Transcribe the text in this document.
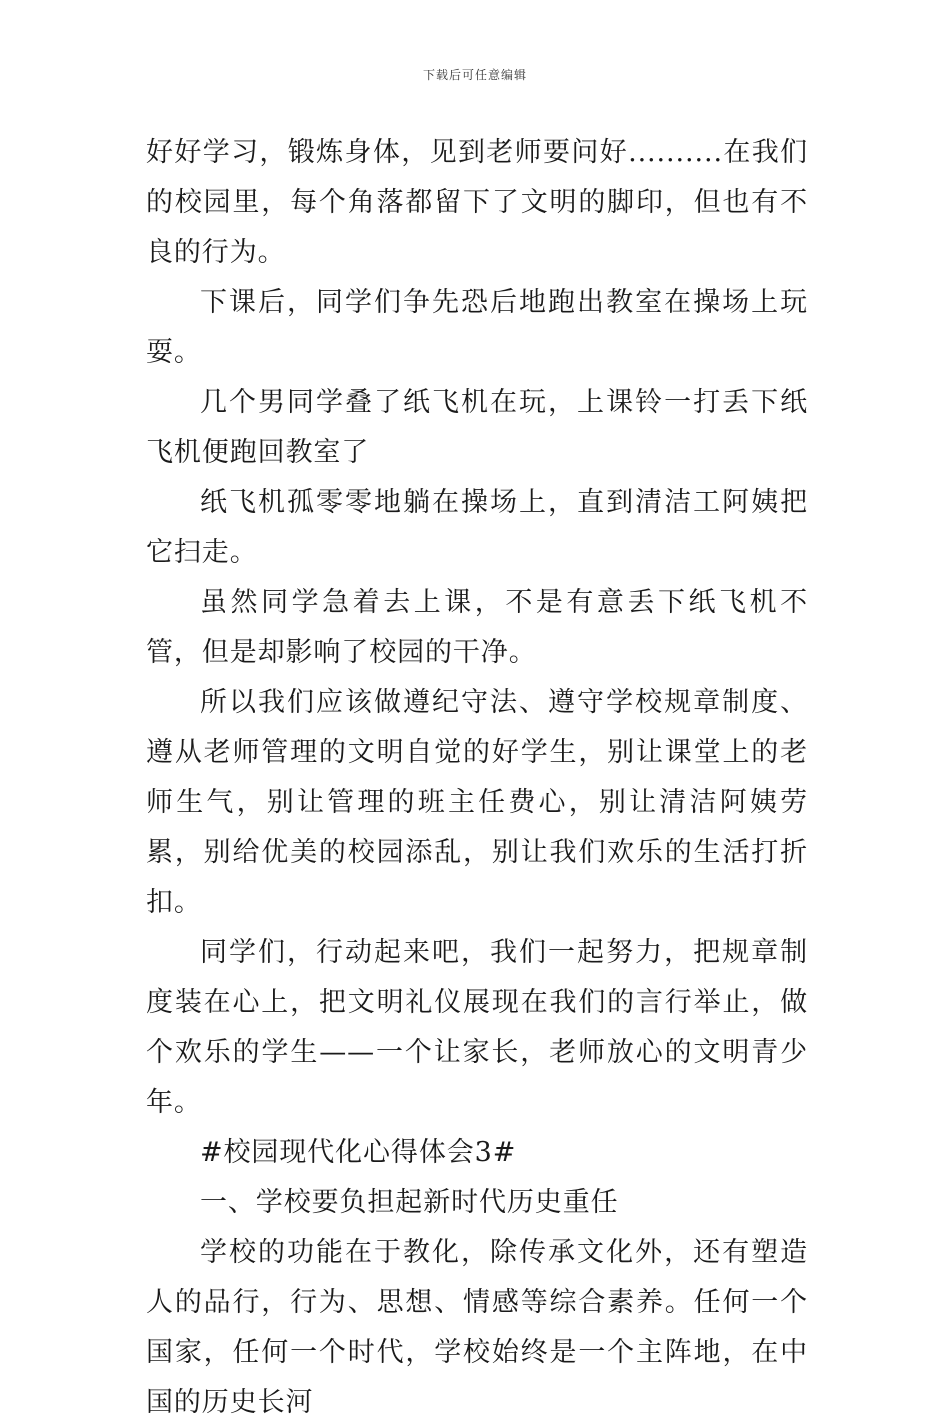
下载后可任意编辑

好好学习，锻炼身体，见到老师要问好..........在我们的校园里，每个角落都留下了文明的脚印，但也有不良的行为。

下课后，同学们争先恐后地跑出教室在操场上玩耍。

几个男同学叠了纸飞机在玩，上课铃一打丢下纸飞机便跑回教室了

纸飞机孤零零地躺在操场上，直到清洁工阿姨把它扫走。

虽然同学急着去上课，不是有意丢下纸飞机不管，但是却影响了校园的干净。

所以我们应该做遵纪守法、遵守学校规章制度、遵从老师管理的文明自觉的好学生，别让课堂上的老师生气，别让管理的班主任费心，别让清洁阿姨劳累，别给优美的校园添乱，别让我们欢乐的生活打折扣。

同学们，行动起来吧，我们一起努力，把规章制度装在心上，把文明礼仪展现在我们的言行举止，做个欢乐的学生——一个让家长，老师放心的文明青少年。

#校园现代化心得体会3#

一、学校要负担起新时代历史重任

学校的功能在于教化，除传承文化外，还有塑造人的品行，行为、思想、情感等综合素养。任何一个国家，任何一个时代，学校始终是一个主阵地，在中国的历史长河
